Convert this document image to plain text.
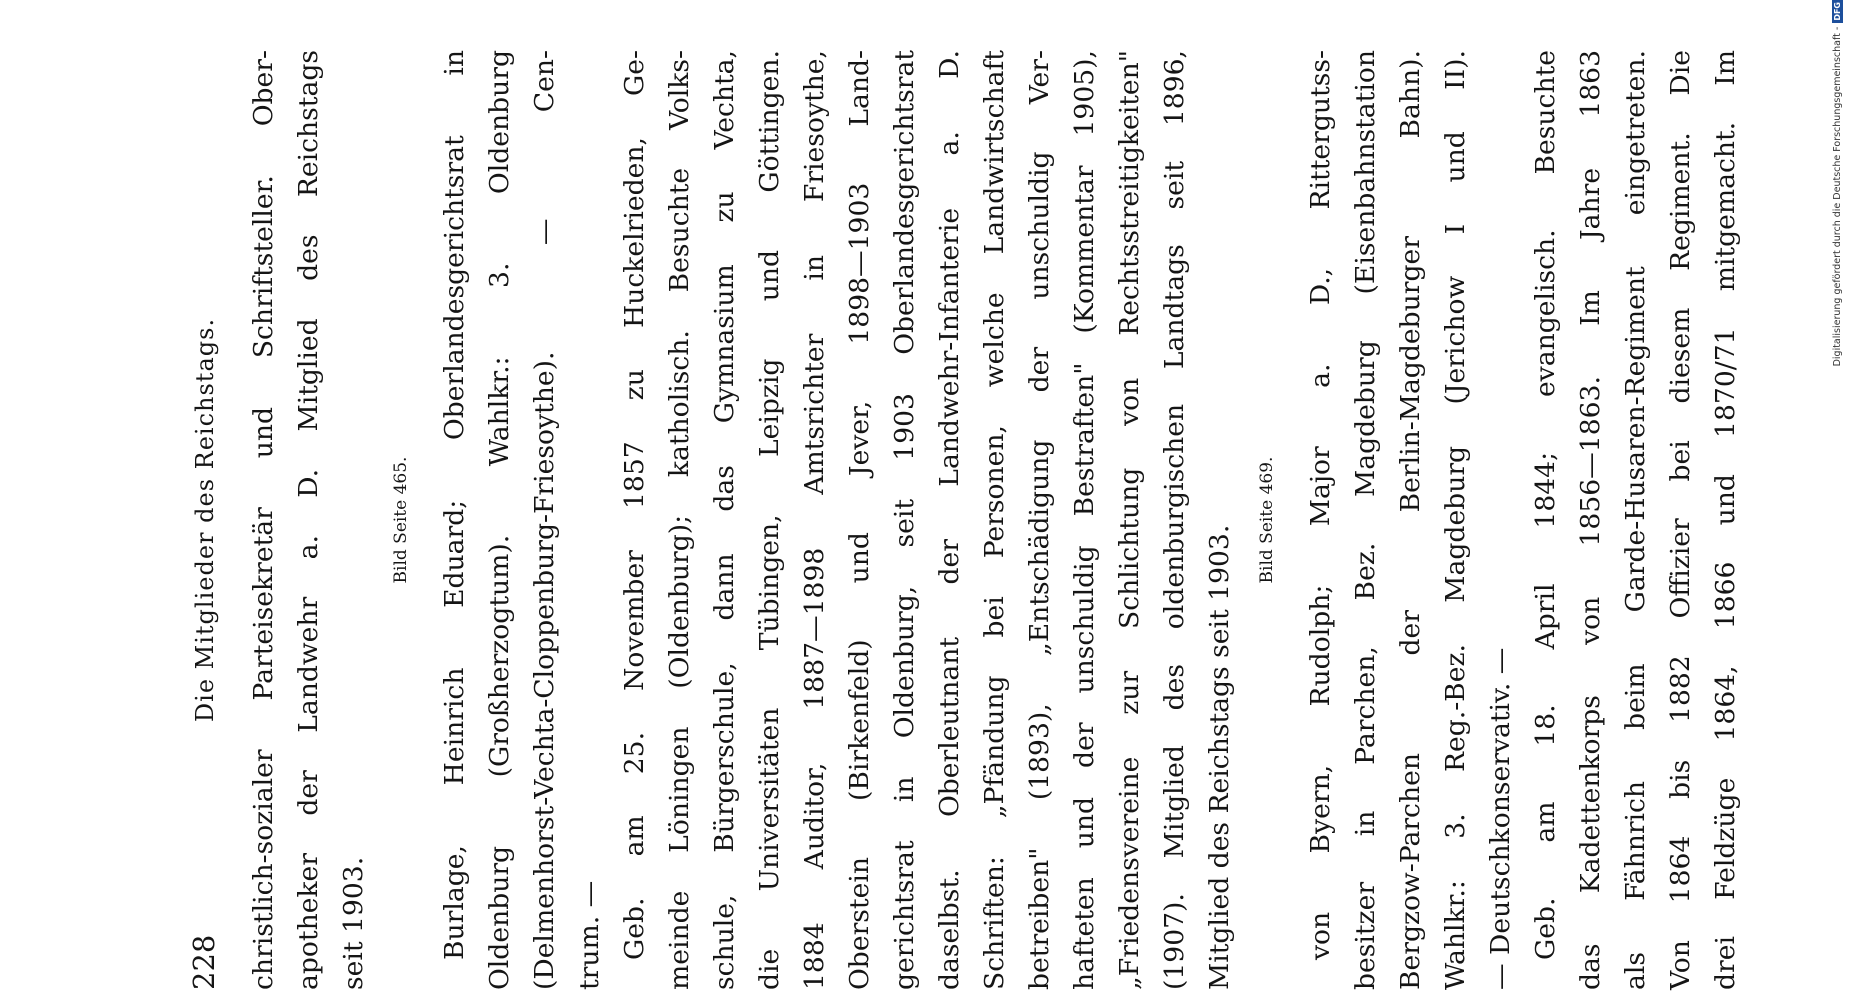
228
Die Mitglieder des Reichstags. christlich-sozialer Parteisekretär und Schriftsteller. Ober- apotheker der Landwehr a. D. Mitglied des Reichstags seit 1903.
Bild Seite 465.	Burlage, Heinrich Eduard; Oberlandesgerichtsrat in Oldenburg (Großherzogtum). Wahlkr.: 3. Oldenburg (Delmenhorst-Vechta-Cloppenburg-Friesoythe). — Cen- trum. — Geb. am 25. November 1857 zu Huckelrieden, Ge- meinde Löningen (Oldenburg); katholisch. Besuchte Volks- schule, Bürgerschule, dann das Gymnasium zu Vechta, die Universitäten Tübingen, Leipzig und Göttingen. 1884 Auditor, 1887—1898 Amtsrichter in Friesoythe, Oberstein (Birkenfeld) und Jever, 1898—1903 Land- gerichtsrat in Oldenburg, seit 1903 Oberlandesgerichtsrat daselbst. Oberleutnant der Landwehr-Infanterie a. D. Schriften: „Pfändung bei Personen, welche Landwirtschaft betreiben" (1893), „Entschädigung der unschuldig Ver- hafteten und der unschuldig Bestraften" (Kommentar 1905), „Friedensvereine zur Schlichtung von Rechtsstreitigkeiten" (1907). Mitglied des oldenburgischen Landtags seit 1896, Mitglied des Reichstags seit 1903.
Bild Seite 469.	von Byern, Rudolph; Major a. D., Rittergutss- besitzer in Parchen, Bez. Magdeburg (Eisenbahnstation Bergzow-Parchen der Berlin-Magdeburger Bahn). Wahlkr.: 3. Reg.-Bez. Magdeburg (Jerichow I und II). — Deutschkonservativ. — Geb. am 18. April 1844; evangelisch. Besuchte das Kadettenkorps von 1856—1863. Im Jahre 1863 als Fähnrich beim Garde-Husaren-Regiment eingetreten. Von 1864 bis 1882 Offizier bei diesem Regiment. Die drei Feldzüge 1864, 1866 und 1870/71 mitgemacht. Im	Digitalisierung gefördert durch die Deutsche Forschungsgemeinschaft -
DFG
